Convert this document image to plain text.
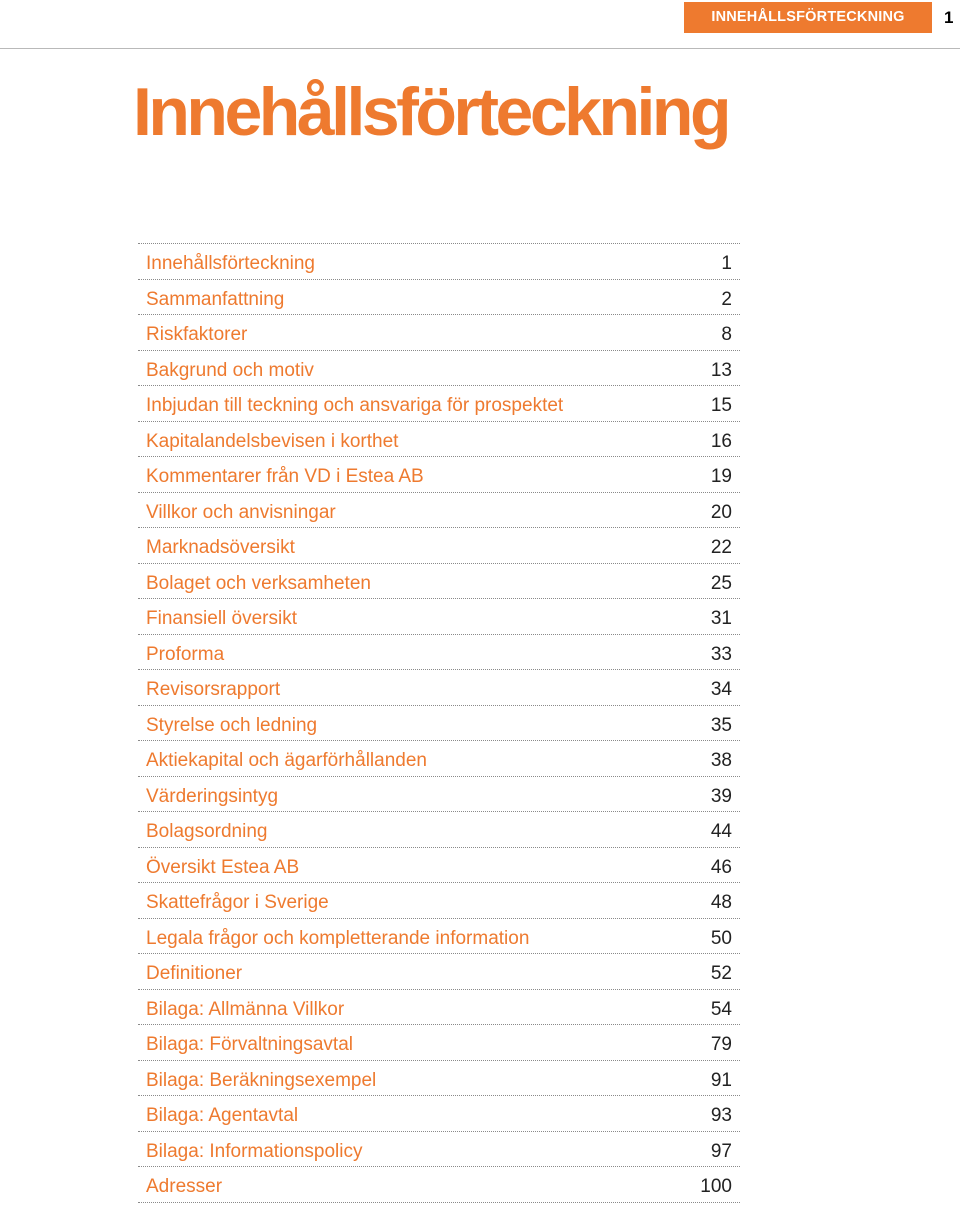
INNEHÅLLSFÖRTECKNING	1
Innehållsförteckning
Innehållsförteckning	1
Sammanfattning	2
Riskfaktorer	8
Bakgrund och motiv	13
Inbjudan till teckning och ansvariga för prospektet	15
Kapitalandelsbevisen i korthet	16
Kommentarer från VD i Estea AB	19
Villkor och anvisningar	20
Marknadsöversikt	22
Bolaget och verksamheten	25
Finansiell översikt	31
Proforma	33
Revisorsrapport	34
Styrelse och ledning	35
Aktiekapital och ägarförhållanden	38
Värderingsintyg	39
Bolagsordning	44
Översikt Estea AB	46
Skattefrågor i Sverige	48
Legala frågor och kompletterande information	50
Definitioner	52
Bilaga: Allmänna Villkor	54
Bilaga: Förvaltningsavtal	79
Bilaga: Beräkningsexempel	91
Bilaga: Agentavtal	93
Bilaga: Informationspolicy	97
Adresser	100
